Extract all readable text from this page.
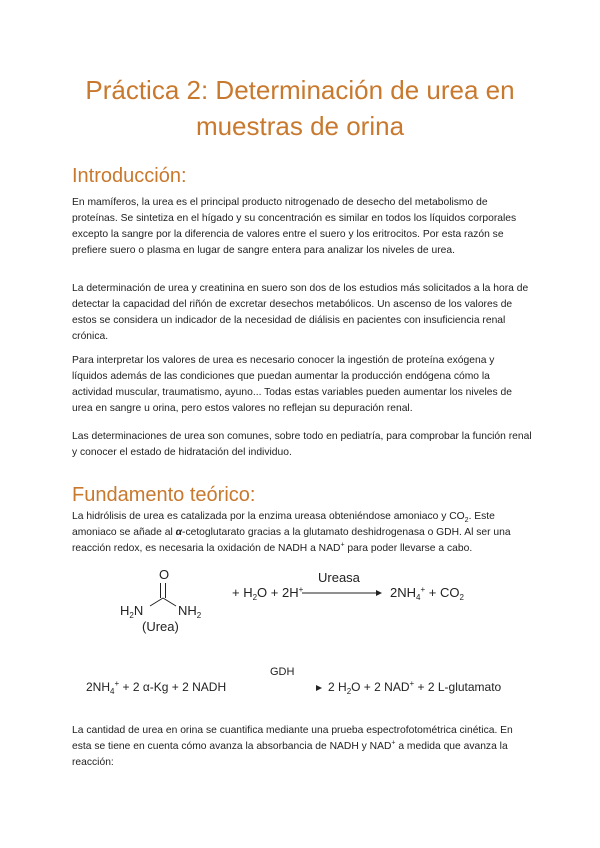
Práctica 2: Determinación de urea en
muestras de orina
Introducción:

En mamíferos, la urea es el principal producto nitrogenado de desecho del metabolismo de proteínas. Se sintetiza en el hígado y su concentración es similar en todos los líquidos corporales excepto la sangre por la diferencia de valores entre el suero y los eritrocitos. Por esta razón se prefiere suero o plasma en lugar de sangre entera para analizar los niveles de urea.

La determinación de urea y creatinina en suero son dos de los estudios más solicitados a la hora de detectar la capacidad del riñón de excretar desechos metabólicos. Un ascenso de los valores de estos se considera un indicador de la necesidad de diálisis en pacientes con insuficiencia renal crónica.

Para interpretar los valores de urea es necesario conocer la ingestión de proteína exógena y líquidos además de las condiciones que puedan aumentar la producción endógena cómo la actividad muscular, traumatismo, ayuno... Todas estas variables pueden aumentar los niveles de urea en sangre u orina, pero estos valores no reflejan su depuración renal.

Las determinaciones de urea son comunes, sobre todo en pediatría, para comprobar la función renal y conocer el estado de hidratación del individuo.

Fundamento teórico:

La hidrólisis de urea es catalizada por la enzima ureasa obteniéndose amoniaco y $CO_2$. Este amoniaco se añade al α-cetoglutarato gracias a la glutamato deshidrogenasa o GDH. Al ser una reacción redox, es necesaria la oxidación de NADH a NAD+ para poder llevarse a cabo.

O
$H_2N$	$NH_2$
(Urea)
+ $H_2O + 2H^+$
Ureasa
$2NH_4^+ + CO_2$
GDH
$2NH_4^+ + 2$ α-Kg + 2 NADH	2 $H_2O + 2$ NAD+ + 2 L-glutamato

La cantidad de urea en orina se cuantifica mediante una prueba espectrofotométrica cinética. En esta se tiene en cuenta cómo avanza la absorbancia de NADH y NAD+ a medida que avanza la reacción:
